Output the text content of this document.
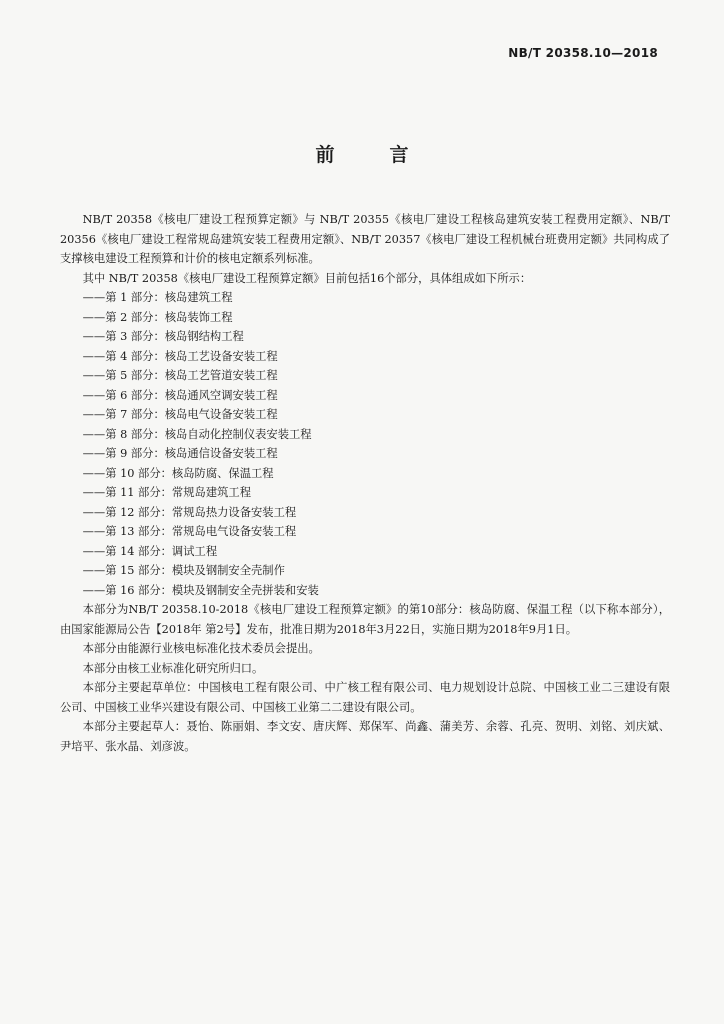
NB/T 20358.10—2018
前　言

NB/T 20358《核电厂建设工程预算定额》与 NB/T 20355《核电厂建设工程核岛建筑安装工程费用定额》、NB/T 20356《核电厂建设工程常规岛建筑安装工程费用定额》、NB/T 20357《核电厂建设工程机械台班费用定额》共同构成了支撑核电建设工程预算和计价的核电定额系列标准。

其中 NB/T 20358《核电厂建设工程预算定额》目前包括16个部分，具体组成如下所示：

——第 1 部分：核岛建筑工程
——第 2 部分：核岛装饰工程
——第 3 部分：核岛钢结构工程
——第 4 部分：核岛工艺设备安装工程
——第 5 部分：核岛工艺管道安装工程
——第 6 部分：核岛通风空调安装工程
——第 7 部分：核岛电气设备安装工程
——第 8 部分：核岛自动化控制仪表安装工程
——第 9 部分：核岛通信设备安装工程
——第 10 部分：核岛防腐、保温工程
——第 11 部分：常规岛建筑工程
——第 12 部分：常规岛热力设备安装工程
——第 13 部分：常规岛电气设备安装工程
——第 14 部分：调试工程
——第 15 部分：模块及钢制安全壳制作
——第 16 部分：模块及钢制安全壳拼装和安装

本部分为NB/T 20358.10-2018《核电厂建设工程预算定额》的第10部分：核岛防腐、保温工程（以下称本部分），由国家能源局公告【2018年 第2号】发布，批准日期为2018年3月22日，实施日期为2018年9月1日。

本部分由能源行业核电标准化技术委员会提出。

本部分由核工业标准化研究所归口。

本部分主要起草单位：中国核电工程有限公司、中广核工程有限公司、电力规划设计总院、中国核工业二三建设有限公司、中国核工业华兴建设有限公司、中国核工业第二二建设有限公司。

本部分主要起草人：聂怡、陈丽娟、李文安、唐庆辉、郑保军、尚鑫、蒲美芳、余蓉、孔亮、贺明、刘铭、刘庆斌、尹培平、张水晶、刘彦波。
